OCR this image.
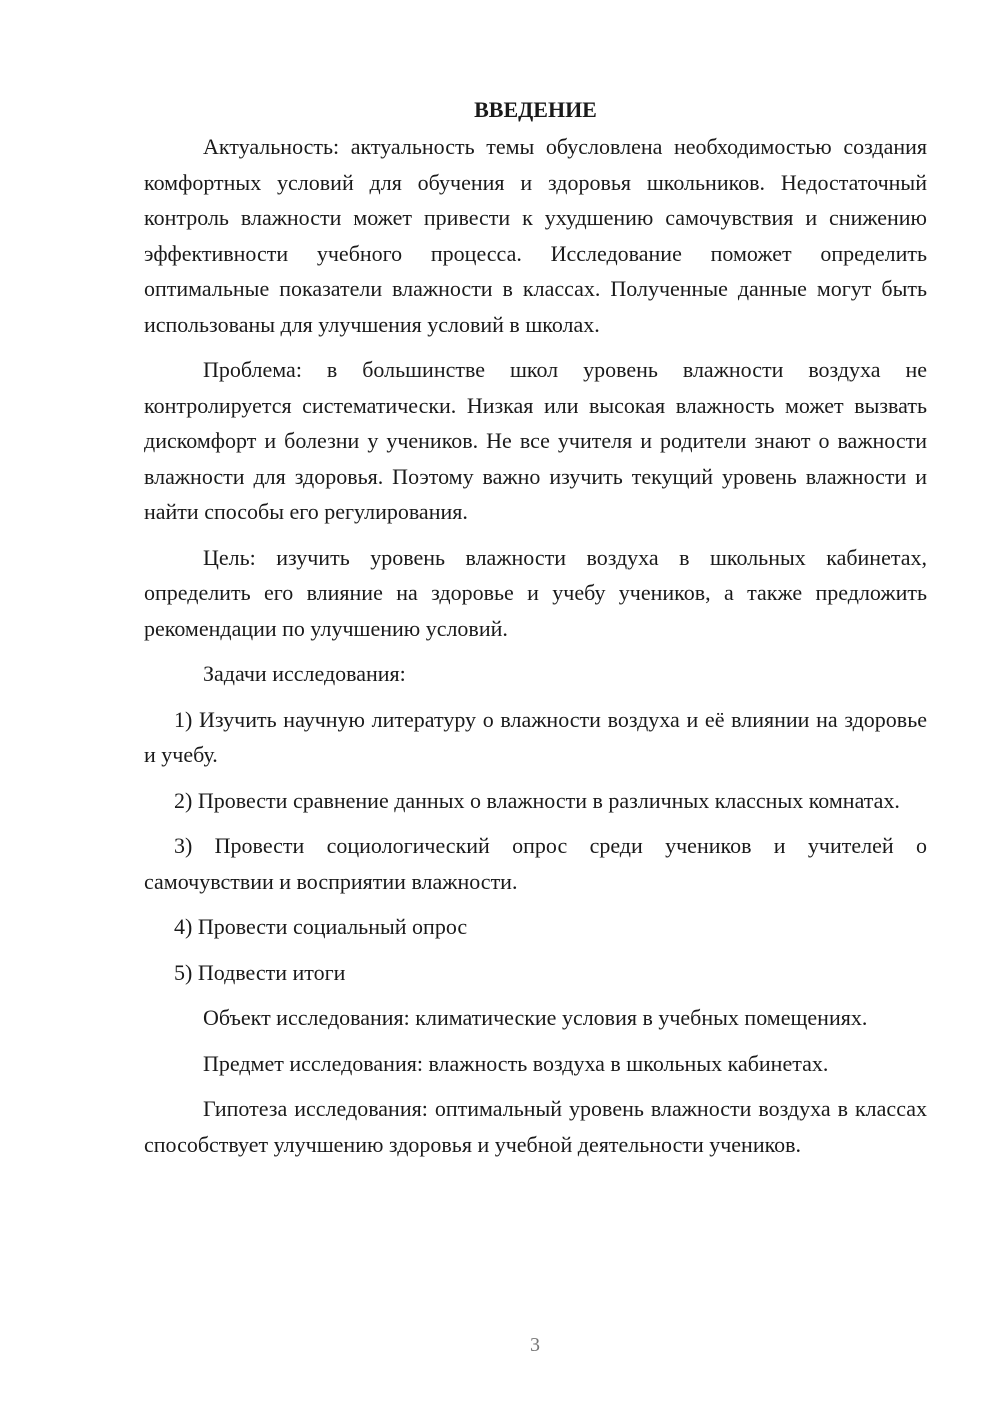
ВВЕДЕНИЕ

Актуальность: актуальность темы обусловлена необходимостью создания комфортных условий для обучения и здоровья школьников. Недостаточный контроль влажности может привести к ухудшению самочувствия и снижению эффективности учебного процесса. Исследование поможет определить оптимальные показатели влажности в классах. Полученные данные могут быть использованы для улучшения условий в школах.

Проблема: в большинстве школ уровень влажности воздуха не контролируется систематически. Низкая или высокая влажность может вызвать дискомфорт и болезни у учеников. Не все учителя и родители знают о важности влажности для здоровья. Поэтому важно изучить текущий уровень влажности и найти способы его регулирования.

Цель: изучить уровень влажности воздуха в школьных кабинетах, определить его влияние на здоровье и учебу учеников, а также предложить рекомендации по улучшению условий.

Задачи исследования:

1) Изучить научную литературу о влажности воздуха и её влиянии на здоровье и учебу.

2) Провести сравнение данных о влажности в различных классных комнатах.

3) Провести социологический опрос среди учеников и учителей о самочувствии и восприятии влажности.

4) Провести социальный опрос

5) Подвести итоги

Объект исследования: климатические условия в учебных помещениях.

Предмет исследования: влажность воздуха в школьных кабинетах.

Гипотеза исследования: оптимальный уровень влажности воздуха в классах способствует улучшению здоровья и учебной деятельности учеников.

3
